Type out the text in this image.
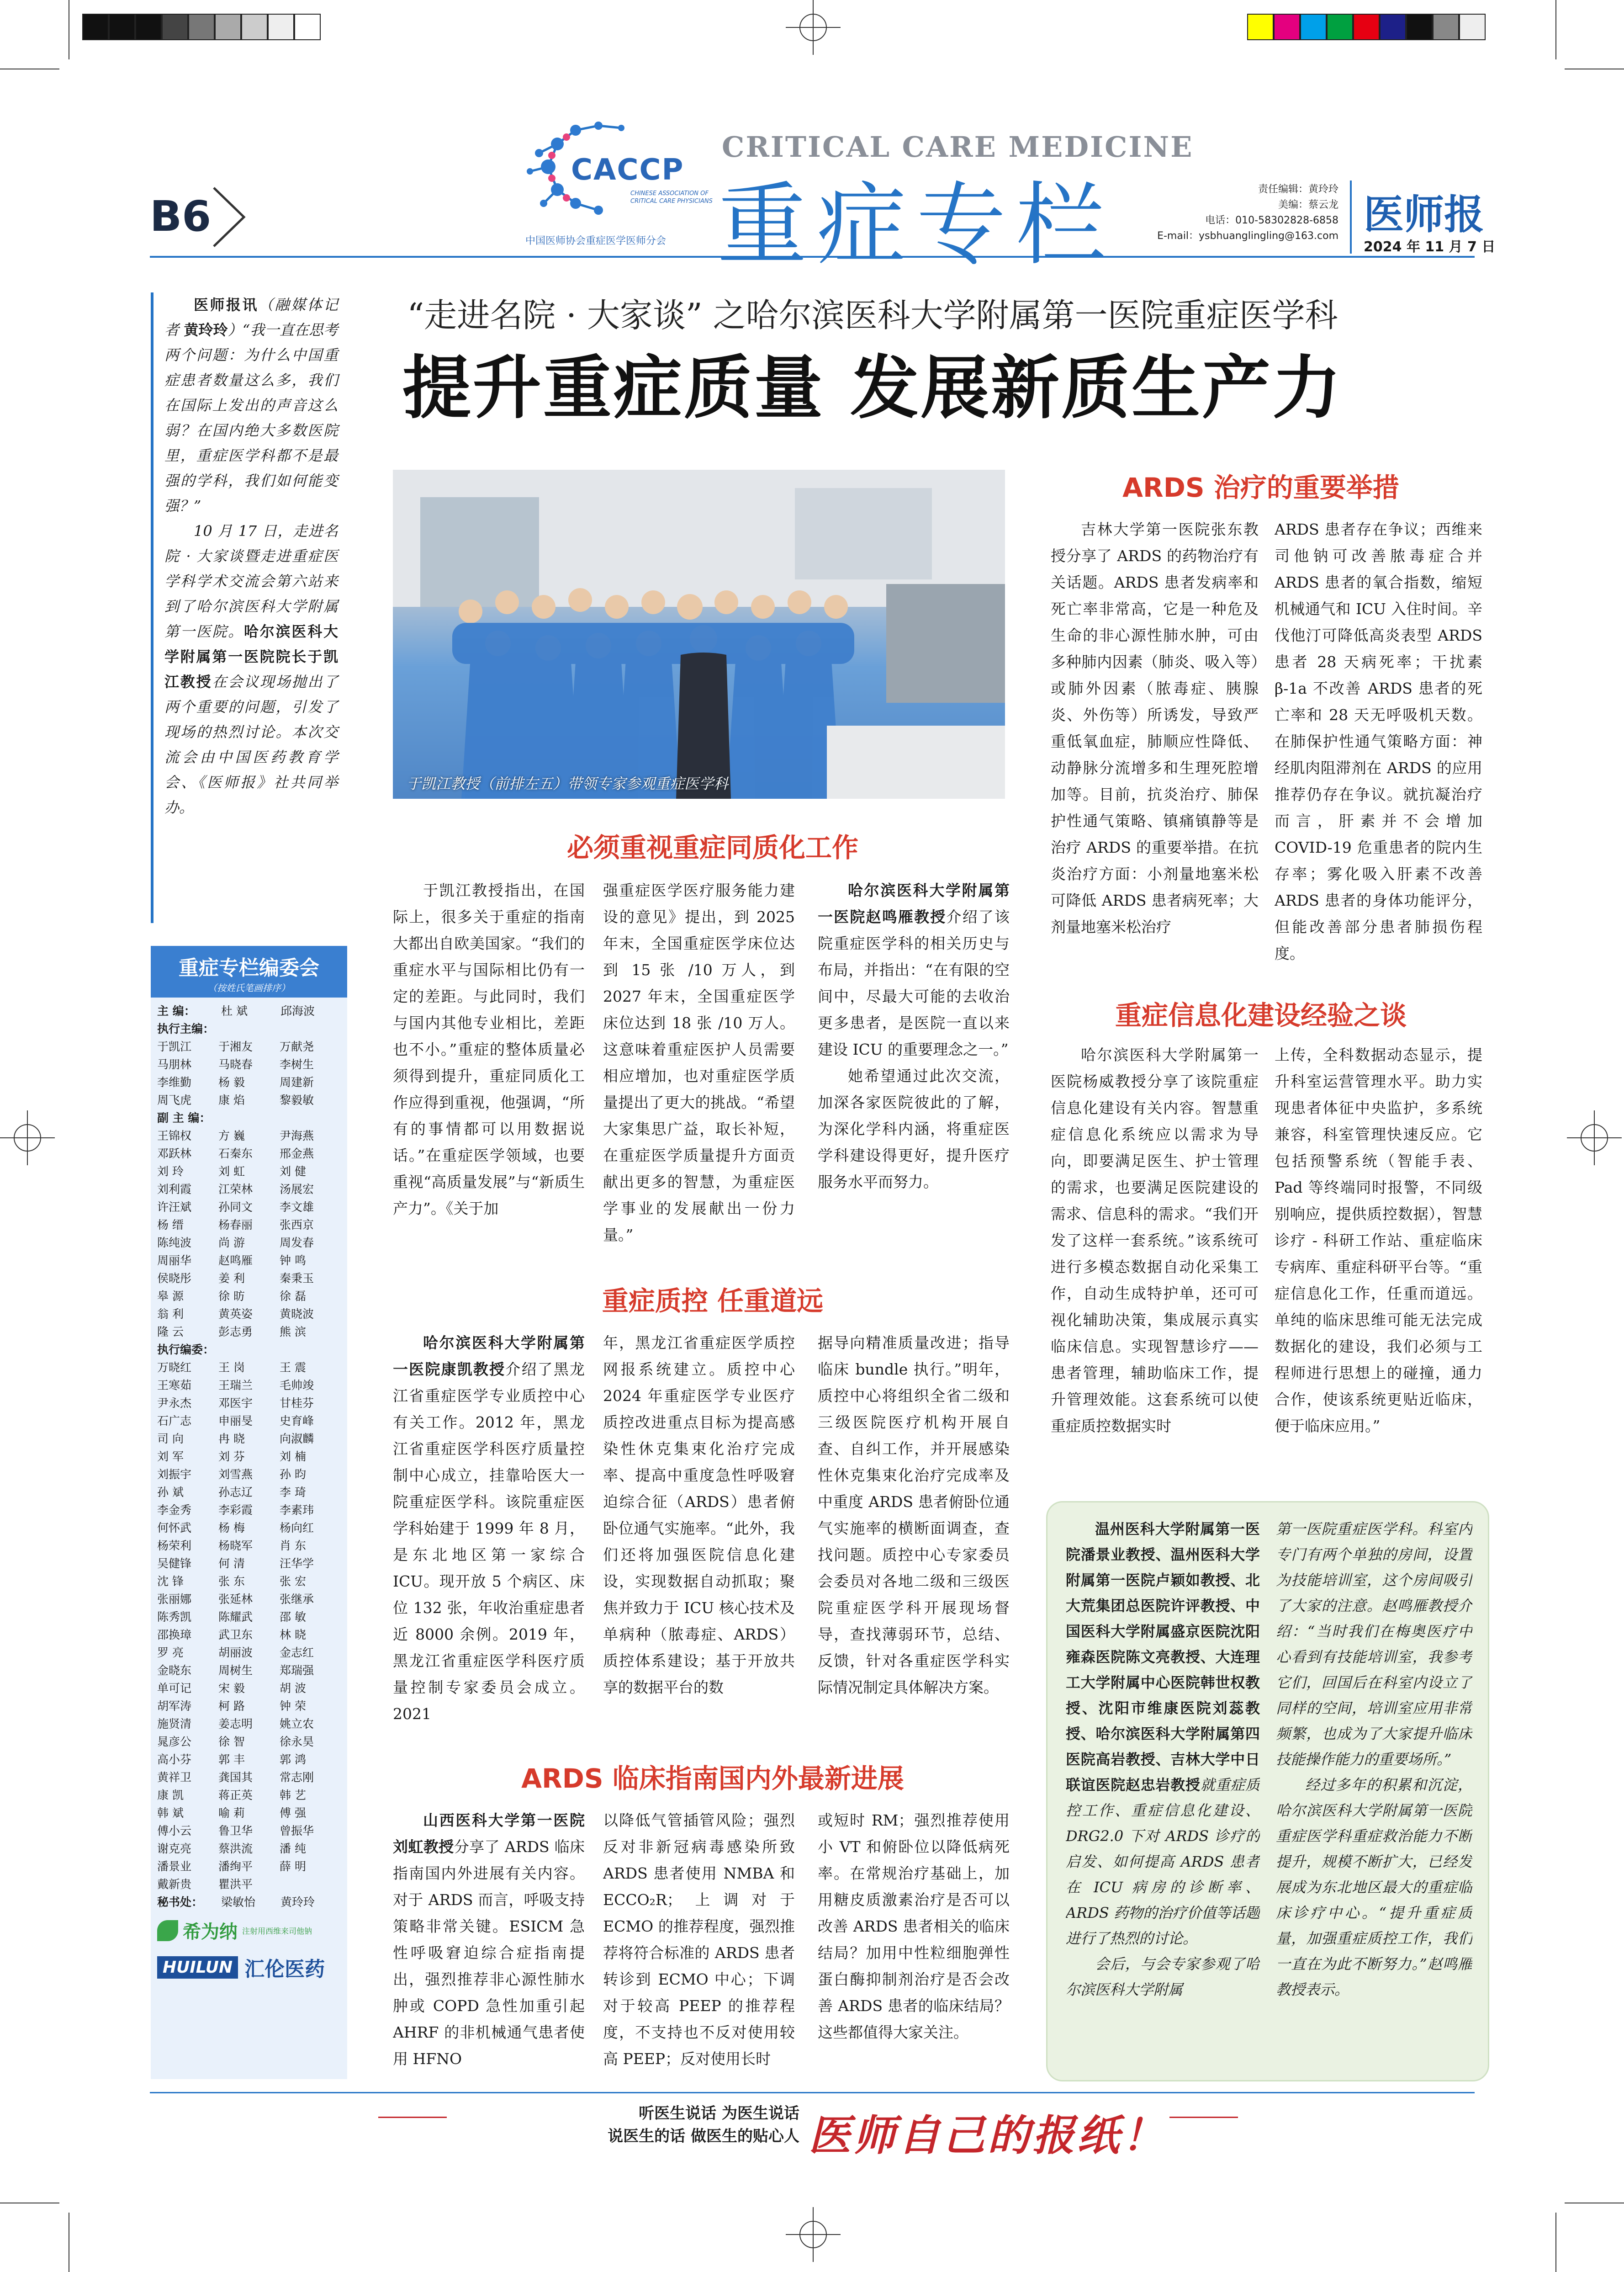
B6
CACCP
CHINESE ASSOCIATION OF CRITICAL CARE PHYSICIANS
中国医师协会重症医学医师分会
CRITICAL CARE MEDICINE
重症专栏	责任编辑：黄玲玲
美编：蔡云龙
电话：010-58302828-6858
E-mail：ysbhuanglingling@163.com 医师报
2024 年 11 月 7 日
“走进名院 · 大家谈” 之哈尔滨医科大学附属第一医院重症医学科
提升重症质量 发展新质生产力

医师报讯（融媒体记者 黄玲玲）“我一直在思考两个问题：为什么中国重症患者数量这么多，我们在国际上发出的声音这么弱？在国内绝大多数医院里，重症医学科都不是最强的学科，我们如何能变强？”

10 月 17 日，走进名院 · 大家谈暨走进重症医学科学术交流会第六站来到了哈尔滨医科大学附属第一医院。哈尔滨医科大学附属第一医院院长于凯江教授在会议现场抛出了两个重要的问题，引发了现场的热烈讨论。本次交流会由中国医药教育学会、《医师报》社共同举办。

重症专栏编委会
（按姓氏笔画排序）
主 编：	杜 斌	邱海波
执行主编：
于凯江	于湘友	万献尧
马朋林	马晓春	李树生
李维勤	杨 毅	周建新
周飞虎	康 焰	黎毅敏
副 主 编：
王锦权	方 巍	尹海燕
邓跃林	石秦东	邢金燕
刘 玲	刘 虹	刘 健
刘利霞	江荣林	汤展宏
许汪斌	孙同文	李文雄
杨 缙	杨春丽	张西京
陈纯波	尚 游	周发春
周丽华	赵鸣雁	钟 鸣
侯晓彤	姜 利	秦秉玉
皋 源	徐 昉	徐 磊
翁 利	黄英姿	黄晓波
隆 云	彭志勇	熊 滨
执行编委：
万晓红	王 岗	王 震
王寒茹	王瑞兰	毛帅竣
尹永杰	邓医宇	甘桂芬
石广志	申丽旻	史育峰
司 向	冉 晓	向淑麟
刘 军	刘 芬	刘 楠
刘振宇	刘雪燕	孙 昀
孙 斌	孙志辽	李 琦
李金秀	李彩霞	李素玮
何怀武	杨 梅	杨向红
杨荣利	杨晓军	肖 东
吴健锋	何 清	汪华学
沈 锋	张 东	张 宏
张丽娜	张延林	张继承
陈秀凯	陈耀武	邵 敏
邵换璋	武卫东	林 晓
罗 亮	胡丽波	金志红
金晓东	周树生	郑瑞强
单可记	宋 毅	胡 波
胡军涛	柯 路	钟 荣
施贤清	姜志明	姚立农
晁彦公	徐 智	徐永昊
高小芬	郭 丰	郭 鸿
黄祥卫	龚国其	常志刚
康 凯	蒋正英	韩 艺
韩 斌	喻 莉	傅 强
傅小云	鲁卫华	曾振华
谢克亮	蔡洪流	潘 纯
潘景业	潘绚平	薛 明
戴新贵	瞿洪平
秘书处：	梁敏怡	黄玲玲
希为纳 注射用西维来司他钠
HUILUN 汇伦医药
于凯江教授（前排左五）带领专家参观重症医学科
ARDS 治疗的重要举措
吉林大学第一医院张东教授分享了 ARDS 的药物治疗有关话题。ARDS 患者发病率和死亡率非常高，它是一种危及生命的非心源性肺水肿，可由多种肺内因素（肺炎、吸入等）或肺外因素（脓毒症、胰腺炎、外伤等）所诱发，导致严重低氧血症，肺顺应性降低、动静脉分流增多和生理死腔增加等。目前，抗炎治疗、肺保护性通气策略、镇痛镇静等是治疗 ARDS 的重要举措。在抗炎治疗方面：小剂量地塞米松可降低 ARDS 患者病死率；大剂量地塞米松治疗
ARDS 患者存在争议；西维来司他钠可改善脓毒症合并 ARDS 患者的氧合指数，缩短机械通气和 ICU 入住时间。辛伐他汀可降低高炎表型 ARDS 患者 28 天病死率；干扰素 β-1a 不改善 ARDS 患者的死亡率和 28 天无呼吸机天数。在肺保护性通气策略方面：神经肌肉阻滞剂在 ARDS 的应用推荐仍存在争议。就抗凝治疗而言，肝素并不会增加 COVID-19 危重患者的院内生存率；雾化吸入肝素不改善 ARDS 患者的身体功能评分，但能改善部分患者肺损伤程度。
重症信息化建设经验之谈
哈尔滨医科大学附属第一医院杨威教授分享了该院重症信息化建设有关内容。智慧重症信息化系统应以需求为导向，即要满足医生、护士管理的需求，也要满足医院建设的需求、信息科的需求。“我们开发了这样一套系统。”该系统可进行多模态数据自动化采集工作，自动生成特护单，还可可视化辅助决策，集成展示真实临床信息。实现智慧诊疗——患者管理，辅助临床工作，提升管理效能。这套系统可以使重症质控数据实时
上传，全科数据动态显示，提升科室运营管理水平。助力实现患者体征中央监护，多系统兼容，科室管理快速反应。它包括预警系统（智能手表、Pad 等终端同时报警，不同级别响应，提供质控数据），智慧诊疗 - 科研工作站、重症临床专病库、重症科研平台等。“重症信息化工作，任重而道远。单纯的临床思维可能无法完成数据化的建设，我们必须与工程师进行思想上的碰撞，通力合作，使该系统更贴近临床，便于临床应用。”
必须重视重症同质化工作
于凯江教授指出，在国际上，很多关于重症的指南大都出自欧美国家。“我们的重症水平与国际相比仍有一定的差距。与此同时，我们与国内其他专业相比，差距也不小。”重症的整体质量必须得到提升，重症同质化工作应得到重视，他强调，“所有的事情都可以用数据说话。”在重症医学领域，也要重视“高质量发展”与“新质生产力”。《关于加
强重症医学医疗服务能力建设的意见》提出，到 2025 年末，全国重症医学床位达到 15 张 /10 万人，到 2027 年末，全国重症医学床位达到 18 张 /10 万人。这意味着重症医护人员需要相应增加，也对重症医学质量提出了更大的挑战。“希望大家集思广益，取长补短，在重症医学质量提升方面贡献出更多的智慧，为重症医学事业的发展献出一份力量。”

哈尔滨医科大学附属第一医院赵鸣雁教授介绍了该院重症医学科的相关历史与布局，并指出：“在有限的空间中，尽最大可能的去收治更多患者，是医院一直以来建设 ICU 的重要理念之一。”

她希望通过此次交流，加深各家医院彼此的了解，为深化学科内涵，将重症医学科建设得更好，提升医疗服务水平而努力。

重症质控 任重道远

哈尔滨医科大学附属第一医院康凯教授介绍了黑龙江省重症医学专业质控中心有关工作。2012 年，黑龙江省重症医学科医疗质量控制中心成立，挂靠哈医大一院重症医学科。该院重症医学科始建于 1999 年 8 月，是东北地区第一家综合 ICU。现开放 5 个病区、床位 132 张，年收治重症患者近 8000 余例。2019 年，黑龙江省重症医学科医疗质量控制专家委员会成立。2021

年，黑龙江省重症医学质控网报系统建立。质控中心 2024 年重症医学专业医疗质控改进重点目标为提高感染性休克集束化治疗完成率、提高中重度急性呼吸窘迫综合征（ARDS）患者俯卧位通气实施率。“此外，我们还将加强医院信息化建设，实现数据自动抓取；聚焦并致力于 ICU 核心技术及单病种（脓毒症、ARDS）质控体系建设；基于开放共享的数据平台的数
据导向精准质量改进；指导临床 bundle 执行。”明年，质控中心将组织全省二级和三级医院医疗机构开展自查、自纠工作，并开展感染性休克集束化治疗完成率及中重度 ARDS 患者俯卧位通气实施率的横断面调查，查找问题。质控中心专家委员会委员对各地二级和三级医院重症医学科开展现场督导，查找薄弱环节，总结、反馈，针对各重症医学科实际情况制定具体解决方案。
ARDS 临床指南国内外最新进展

山西医科大学第一医院刘虹教授分享了 ARDS 临床指南国内外进展有关内容。对于 ARDS 而言，呼吸支持策略非常关键。ESICM 急性呼吸窘迫综合症指南提出，强烈推荐非心源性肺水肿或 COPD 急性加重引起 AHRF 的非机械通气患者使用 HFNO

以降低气管插管风险；强烈反对非新冠病毒感染所致 ARDS 患者使用 NMBA 和 ECCO₂R；上调对于 ECMO 的推荐程度，强烈推荐将符合标准的 ARDS 患者转诊到 ECMO 中心；下调对于较高 PEEP 的推荐程度，不支持也不反对使用较高 PEEP；反对使用长时
或短时 RM；强烈推荐使用小 VT 和俯卧位以降低病死率。在常规治疗基础上，加用糖皮质激素治疗是否可以改善 ARDS 患者相关的临床结局？加用中性粒细胞弹性蛋白酶抑制剂治疗是否会改善 ARDS 患者的临床结局？这些都值得大家关注。

温州医科大学附属第一医院潘景业教授、温州医科大学附属第一医院卢颖如教授、北大荒集团总医院许评教授、中国医科大学附属盛京医院沈阳雍森医院陈文亮教授、大连理工大学附属中心医院韩世权教授、沈阳市维康医院刘蕊教授、哈尔滨医科大学附属第四医院高岩教授、吉林大学中日联谊医院赵忠岩教授就重症质控工作、重症信息化建设、DRG2.0 下对 ARDS 诊疗的启发、如何提高 ARDS 患者在 ICU 病房的诊断率、ARDS 药物的治疗价值等话题进行了热烈的讨论。

会后，与会专家参观了哈尔滨医科大学附属

第一医院重症医学科。科室内专门有两个单独的房间，设置为技能培训室，这个房间吸引了大家的注意。赵鸣雁教授介绍：“当时我们在梅奥医疗中心看到有技能培训室，我参考它们，回国后在科室内设立了同样的空间，培训室应用非常频繁，也成为了大家提升临床技能操作能力的重要场所。”

经过多年的积累和沉淀，哈尔滨医科大学附属第一医院重症医学科重症救治能力不断提升，规模不断扩大，已经发展成为东北地区最大的重症临床诊疗中心。“提升重症质量，加强重症质控工作，我们一直在为此不断努力。”赵鸣雁教授表示。

听医生说话 为医生说话
说医生的话 做医生的贴心人 医师自己的报纸！
